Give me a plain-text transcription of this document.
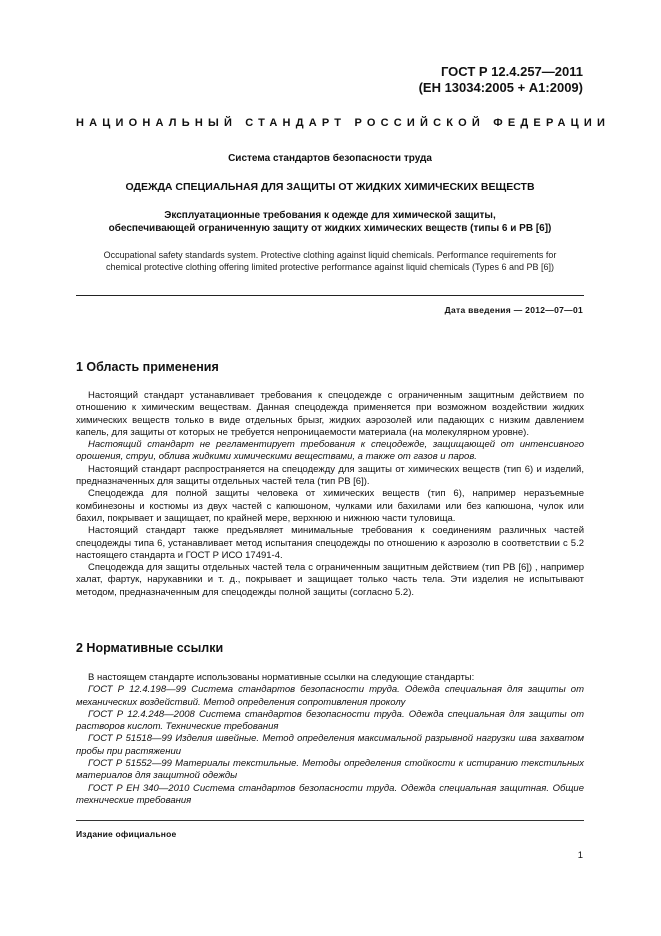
ГОСТ Р 12.4.257—2011
(ЕН 13034:2005 + А1:2009)
НАЦИОНАЛЬНЫЙ СТАНДАРТ РОССИЙСКОЙ ФЕДЕРАЦИИ
Система стандартов безопасности труда
ОДЕЖДА СПЕЦИАЛЬНАЯ ДЛЯ ЗАЩИТЫ ОТ ЖИДКИХ ХИМИЧЕСКИХ ВЕЩЕСТВ
Эксплуатационные требования к одежде для химической защиты,
обеспечивающей ограниченную защиту от жидких химических веществ (типы 6 и PB [6])
Occupational safety standards system. Protective clothing against liquid chemicals. Performance requirements for
chemical protective clothing offering limited protective performance against liquid chemicals (Types 6 and PB [6])
Дата введения — 2012—07—01
1 Область применения

Настоящий стандарт устанавливает требования к спецодежде с ограниченным защитным действием по отношению к химическим веществам. Данная спецодежда применяется при возможном воздействии жидких химических веществ только в виде отдельных брызг, жидких аэрозолей или падающих с низким давлением капель, для защиты от которых не требуется непроницаемости материала (на молекулярном уровне).

Настоящий стандарт не регламентирует требования к спецодежде, защищающей от интенсивного орошения, струи, облива жидкими химическими веществами, а также от газов и паров.

Настоящий стандарт распространяется на спецодежду для защиты от химических веществ (тип 6) и изделий, предназначенных для защиты отдельных частей тела (тип PB [6]).

Спецодежда для полной защиты человека от химических веществ (тип 6), например неразъемные комбинезоны и костюмы из двух частей с капюшоном, чулками или бахилами или без капюшона, чулок или бахил, покрывает и защищает, по крайней мере, верхнюю и нижнюю части туловища.

Настоящий стандарт также предъявляет минимальные требования к соединениям различных частей спецодежды типа 6, устанавливает метод испытания спецодежды по отношению к аэрозолю в соответствии с 5.2 настоящего стандарта и ГОСТ Р ИСО 17491-4.

Спецодежда для защиты отдельных частей тела с ограниченным защитным действием (тип PB [6]) , например халат, фартук, нарукавники и т. д., покрывает и защищает только часть тела. Эти изделия не испытывают методом, предназначенным для спецодежды полной защиты (согласно 5.2).

2 Нормативные ссылки

В настоящем стандарте использованы нормативные ссылки на следующие стандарты:

ГОСТ Р 12.4.198—99 Система стандартов безопасности труда. Одежда специальная для защиты от механических воздействий. Метод определения сопротивления проколу

ГОСТ Р 12.4.248—2008 Система стандартов безопасности труда. Одежда специальная для защиты от растворов кислот. Технические требования

ГОСТ Р 51518—99 Изделия швейные. Метод определения максимальной разрывной нагрузки шва захватом пробы при растяжении

ГОСТ Р 51552—99 Материалы текстильные. Методы определения стойкости к истиранию текстильных материалов для защитной одежды

ГОСТ Р ЕН 340—2010 Система стандартов безопасности труда. Одежда специальная защитная. Общие технические требования

Издание официальное
1
